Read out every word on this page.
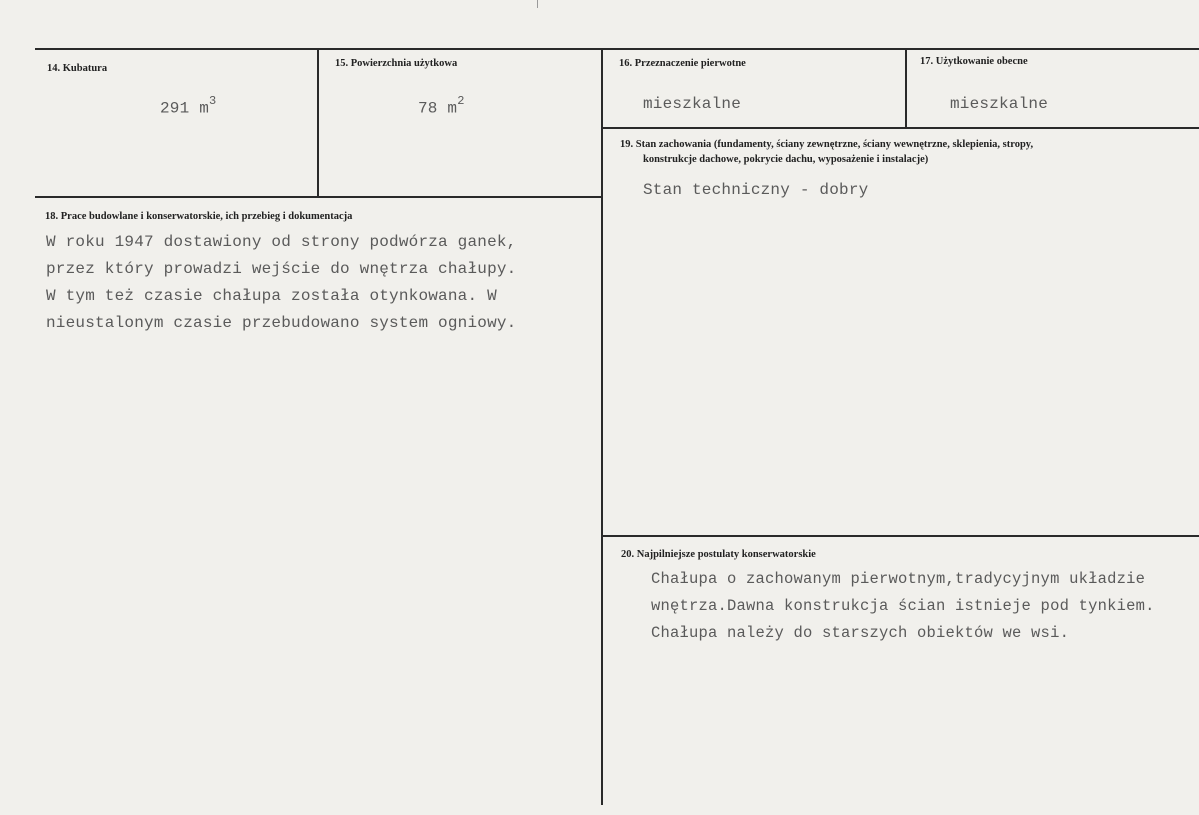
14. Kubatura
291 $m^3$
15. Powierzchnia użytkowa
78 $m^2$
16. Przeznaczenie pierwotne
mieszkalne
17. Użytkowanie obecne
mieszkalne
19. Stan zachowania (fundamenty, ściany zewnętrzne, ściany wewnętrzne, sklepienia, stropy,
konstrukcje dachowe, pokrycie dachu, wyposażenie i instalacje)
Stan techniczny - dobry
18. Prace budowlane i konserwatorskie, ich przebieg i dokumentacja
W roku 1947 dostawiony od strony podwórza ganek,
przez który prowadzi wejście do wnętrza chałupy.
W tym też czasie chałupa została otynkowana. W
nieustalonym czasie przebudowano system ogniowy.
20. Najpilniejsze postulaty konserwatorskie
Chałupa o zachowanym pierwotnym,tradycyjnym układzie
wnętrza.Dawna konstrukcja ścian istnieje pod tynkiem.
Chałupa należy do starszych obiektów we wsi.
